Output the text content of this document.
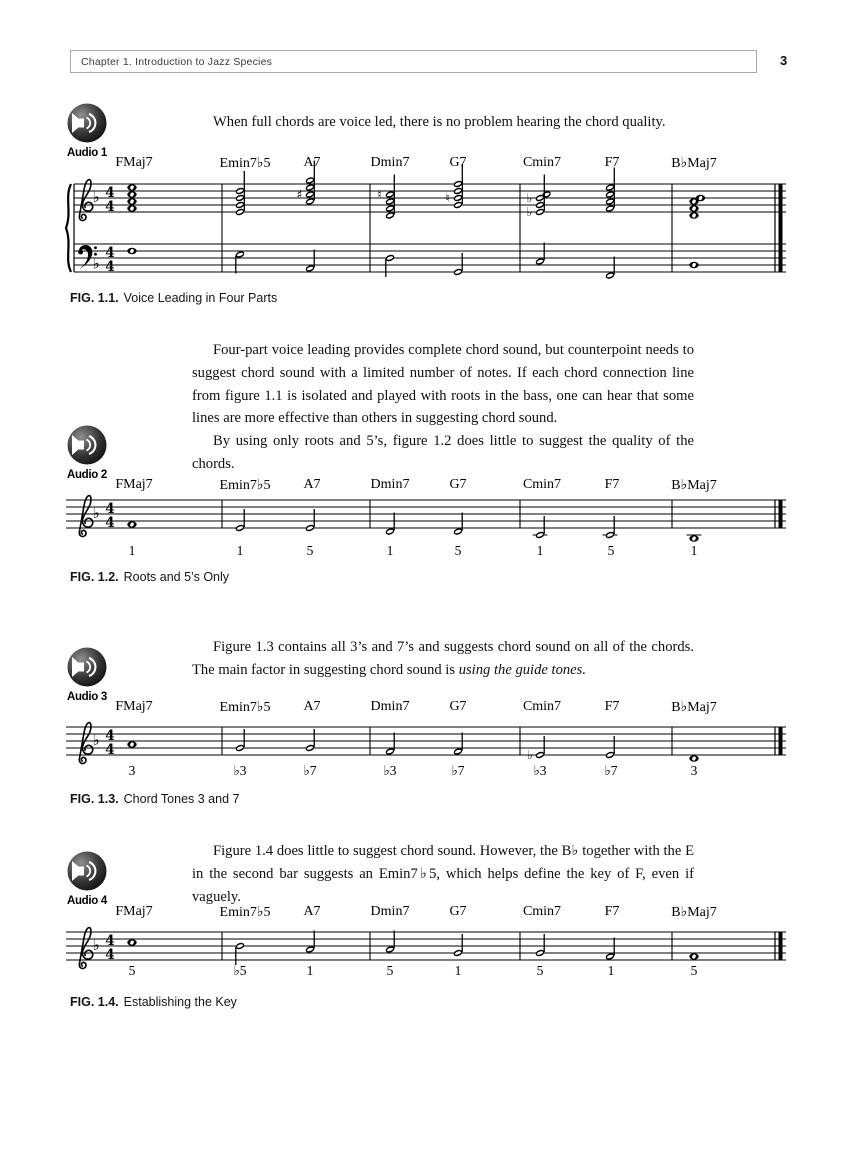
Chapter 1. Introduction to Jazz Species	3
Audio 1
Audio 2
Audio 3
Audio 4
When full chords are voice led, there is no problem hearing the chord quality.
FMaj7	Emin7♭5 A7	Dmin7	G7	Cmin7	F7	B♭Maj7
♭ 4
4
♭
4
4
♯	♮	♮
♭
♭
FIG. 1.1. Voice Leading in Four Parts

Four-part voice leading provides complete chord sound, but counterpoint needs to suggest chord sound with a limited number of notes. If each chord connection line from figure 1.1 is isolated and played with roots in the bass, one can hear that some lines are more effective than others in suggesting chord sound.

By using only roots and 5’s, figure 1.2 does little to suggest the quality of the chords.

FMaj7	Emin7♭5 A7	Dmin7	G7	Cmin7	F7	B♭Maj7
♭ 4
4
1	1	5	1	5	1	5	1
FIG. 1.2. Roots and 5’s Only

Figure 1.3 contains all 3’s and 7’s and suggests chord sound on all of the chords. The main factor in suggesting chord sound is using the guide tones.

FMaj7	Emin7♭5 A7	Dmin7	G7	Cmin7	F7	B♭Maj7
♭ 4
4	♭
3	♭3	♭7	♭3	♭7	♭3	♭7	3
FIG. 1.3. Chord Tones 3 and 7

Figure 1.4 does little to suggest chord sound. However, the B♭ together with the E in the second bar suggests an Emin7♭5, which helps define the key of F, even if vaguely.

FMaj7	Emin7♭5 A7	Dmin7	G7	Cmin7	F7	B♭Maj7
♭ 4
4
5	♭5	1	5	1	5	1	5
FIG. 1.4. Establishing the Key
